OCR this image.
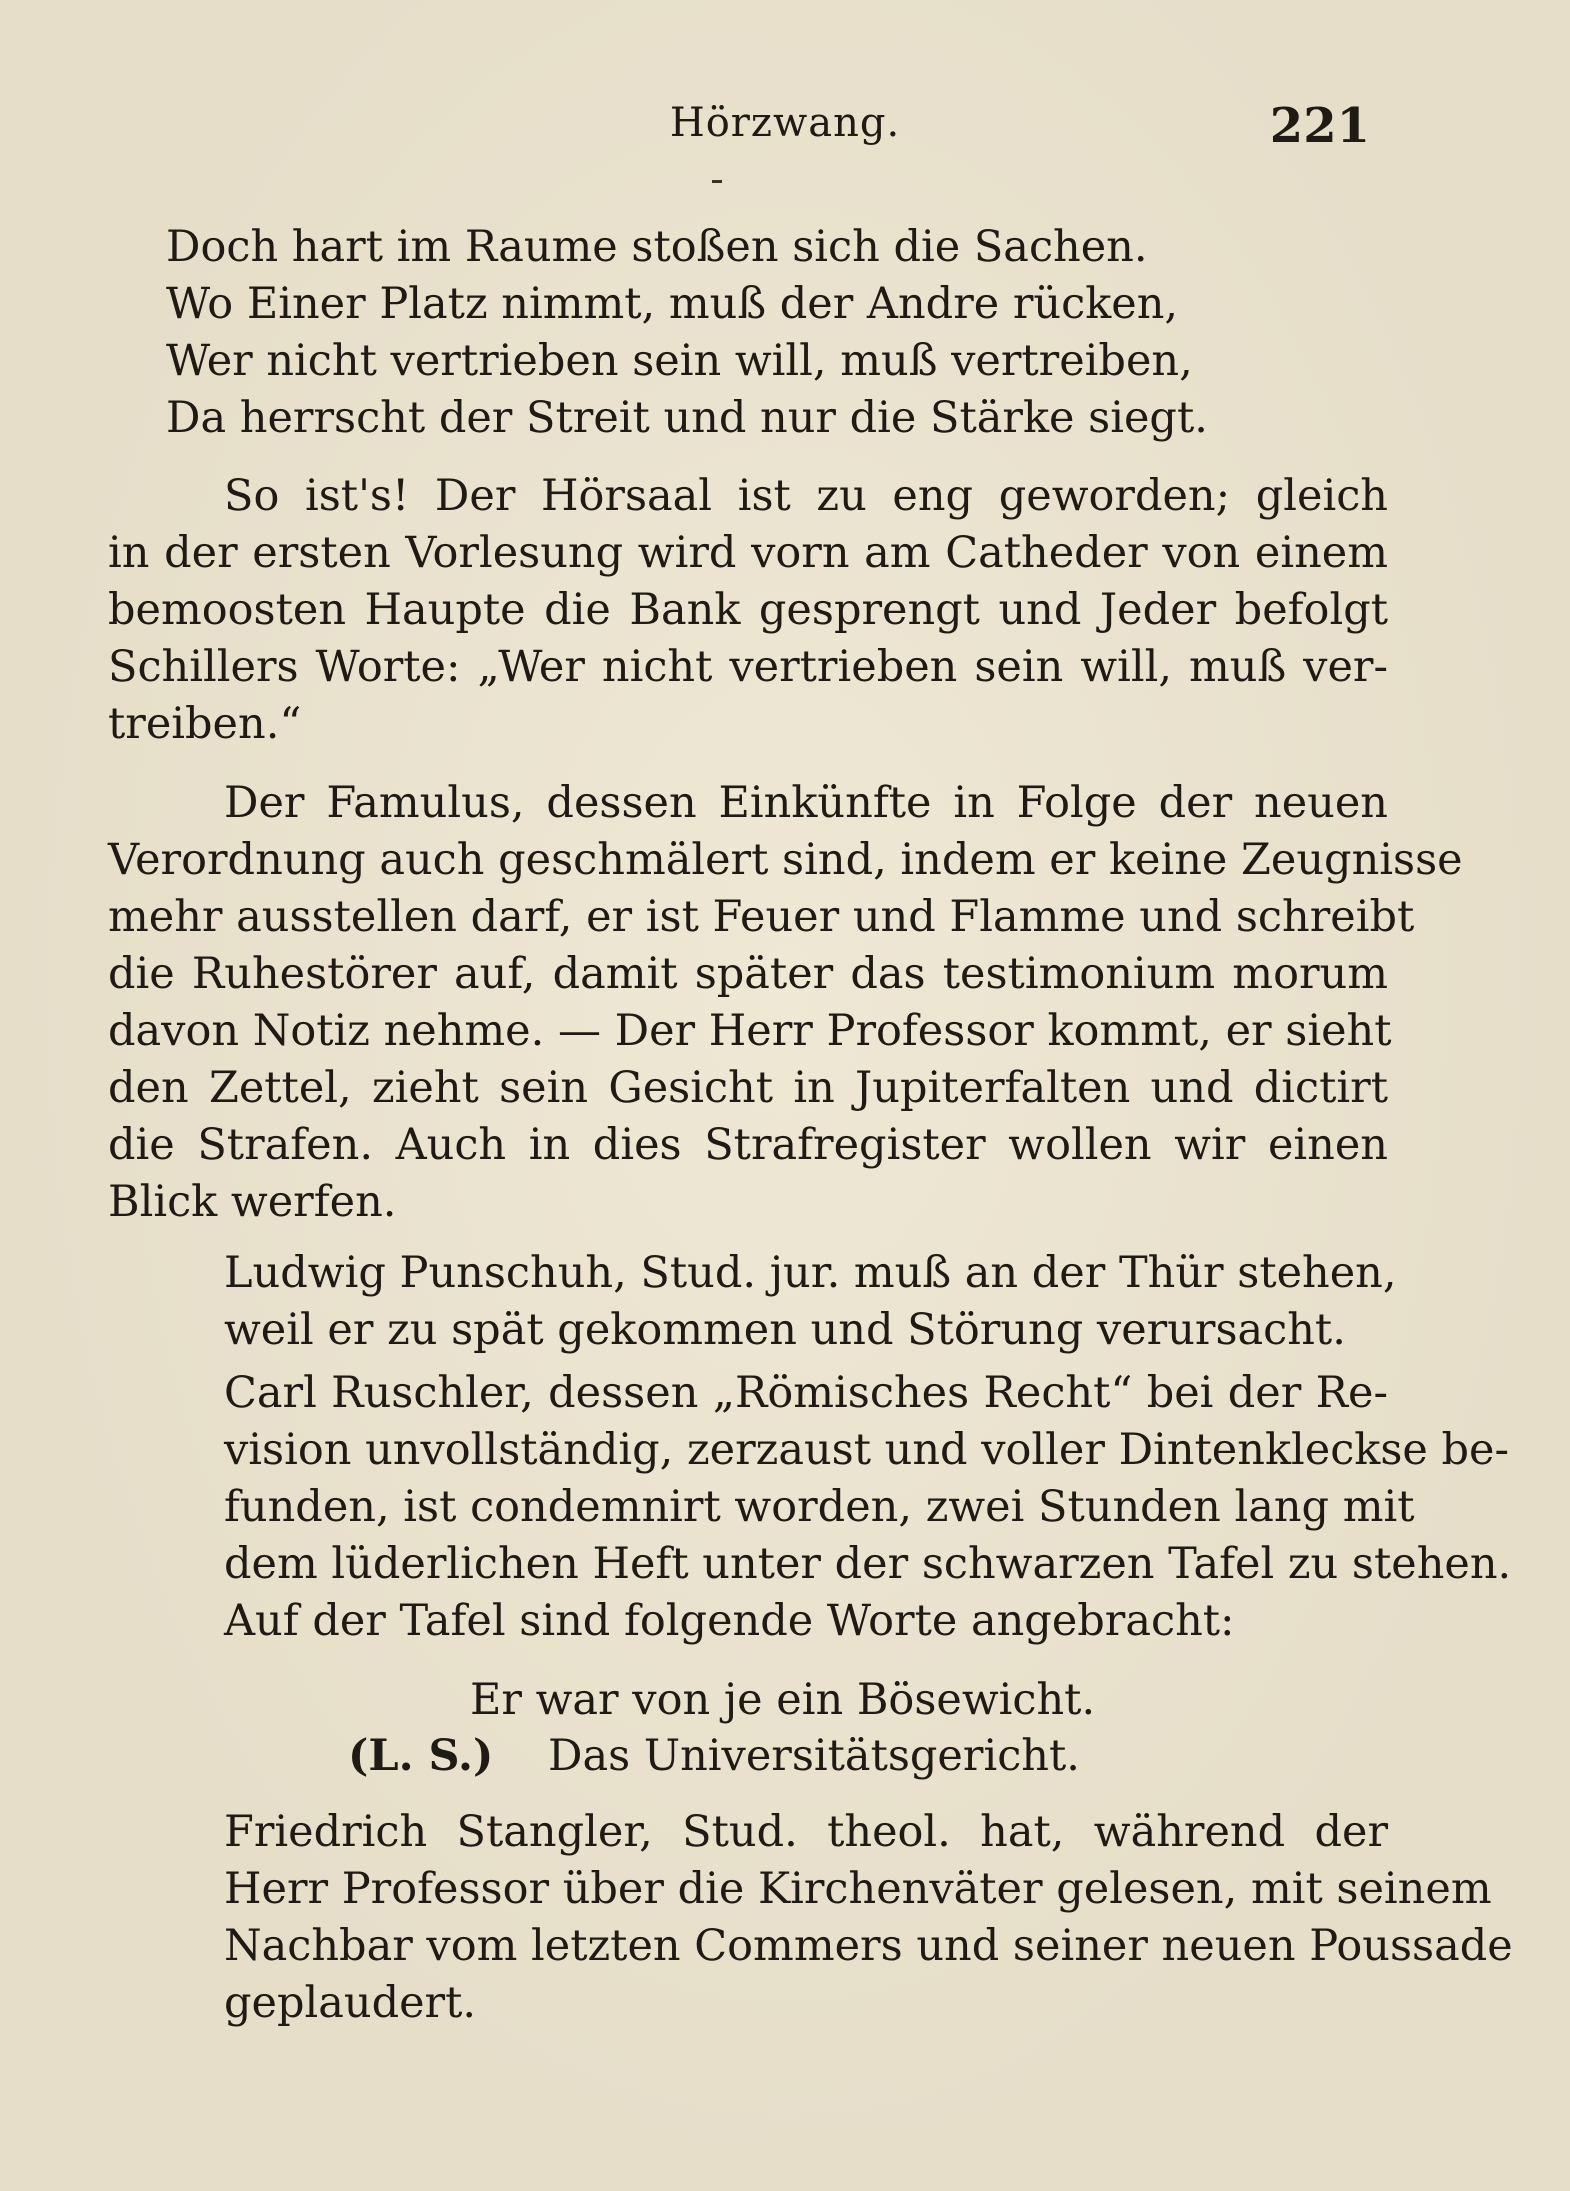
Hörzwang.	221
Doch hart im Raume stoßen sich die Sachen.
Wo Einer Platz nimmt, muß der Andre rücken,
Wer nicht vertrieben sein will, muß vertreiben,
Da herrscht der Streit und nur die Stärke siegt.
So ist's! Der Hörsaal ist zu eng geworden; gleich
in der ersten Vorlesung wird vorn am Catheder von einem
bemoosten Haupte die Bank gesprengt und Jeder befolgt
Schillers Worte: „Wer nicht vertrieben sein will, muß ver-
treiben.“
Der Famulus, dessen Einkünfte in Folge der neuen
Verordnung auch geschmälert sind, indem er keine Zeugnisse
mehr ausstellen darf, er ist Feuer und Flamme und schreibt
die Ruhestörer auf, damit später das testimonium morum
davon Notiz nehme. — Der Herr Professor kommt, er sieht
den Zettel, zieht sein Gesicht in Jupiterfalten und dictirt
die Strafen. Auch in dies Strafregister wollen wir einen
Blick werfen.
Ludwig Punschuh, Stud. jur. muß an der Thür stehen,
weil er zu spät gekommen und Störung verursacht.
Carl Ruschler, dessen „Römisches Recht“ bei der Re-
vision unvollständig, zerzaust und voller Dintenkleckse be-
funden, ist condemnirt worden, zwei Stunden lang mit
dem lüderlichen Heft unter der schwarzen Tafel zu stehen.
Auf der Tafel sind folgende Worte angebracht:
Er war von je ein Bösewicht.
(L. S.) Das Universitätsgericht.
Friedrich Stangler, Stud. theol. hat, während der
Herr Professor über die Kirchenväter gelesen, mit seinem
Nachbar vom letzten Commers und seiner neuen Poussade
geplaudert.
